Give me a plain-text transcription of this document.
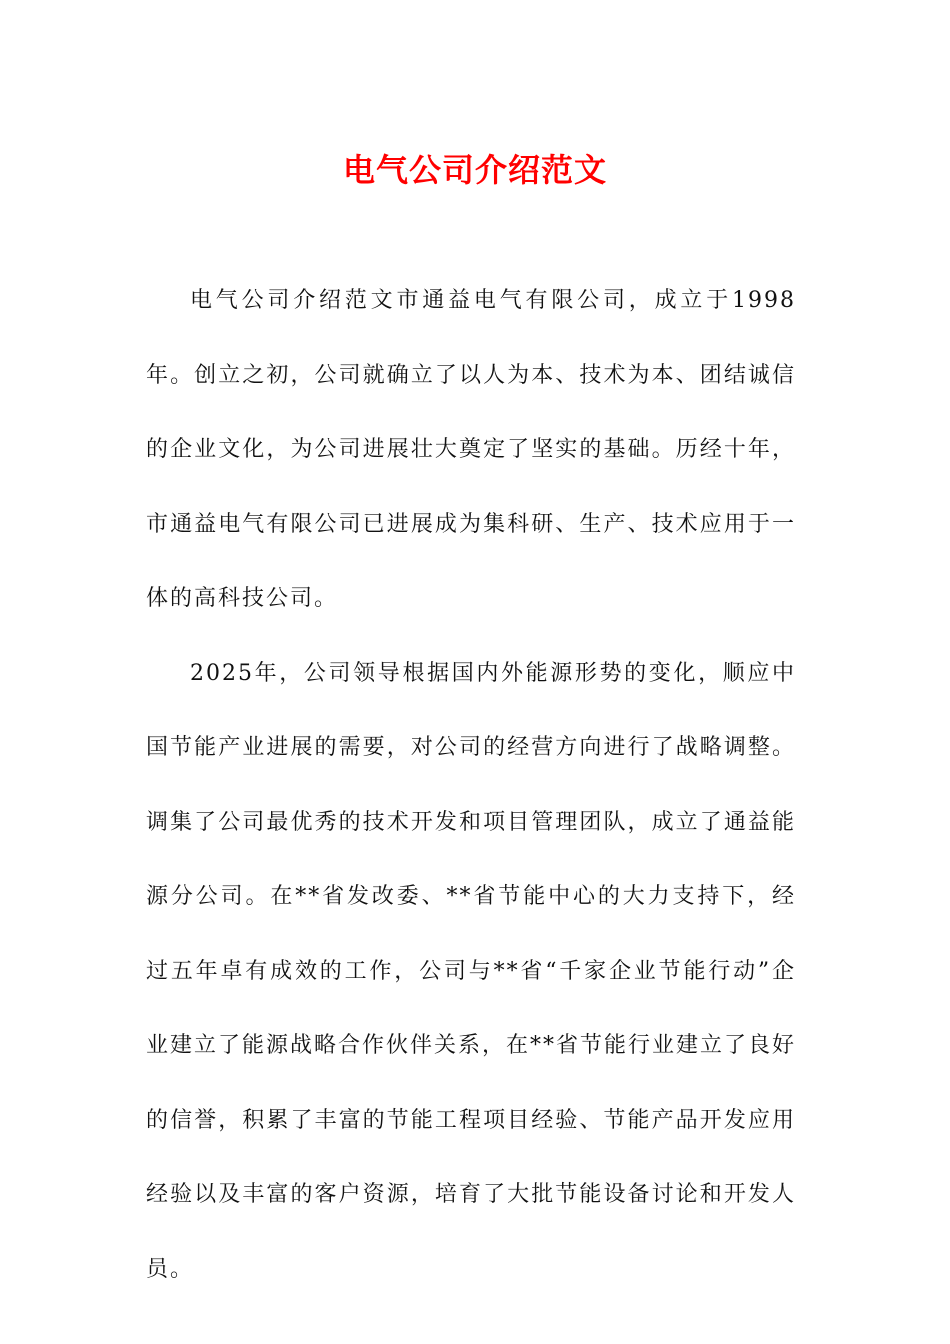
电气公司介绍范文

电气公司介绍范文市通益电气有限公司，成立于1998年。创立之初，公司就确立了以人为本、技术为本、团结诚信的企业文化，为公司进展壮大奠定了坚实的基础。历经十年，市通益电气有限公司已进展成为集科研、生产、技术应用于一体的高科技公司。

2025年，公司领导根据国内外能源形势的变化，顺应中国节能产业进展的需要，对公司的经营方向进行了战略调整。调集了公司最优秀的技术开发和项目管理团队，成立了通益能源分公司。在**省发改委、**省节能中心的大力支持下，经过五年卓有成效的工作，公司与**省“千家企业节能行动”企业建立了能源战略合作伙伴关系，在**省节能行业建立了良好的信誉，积累了丰富的节能工程项目经验、节能产品开发应用经验以及丰富的客户资源，培育了大批节能设备讨论和开发人员。
